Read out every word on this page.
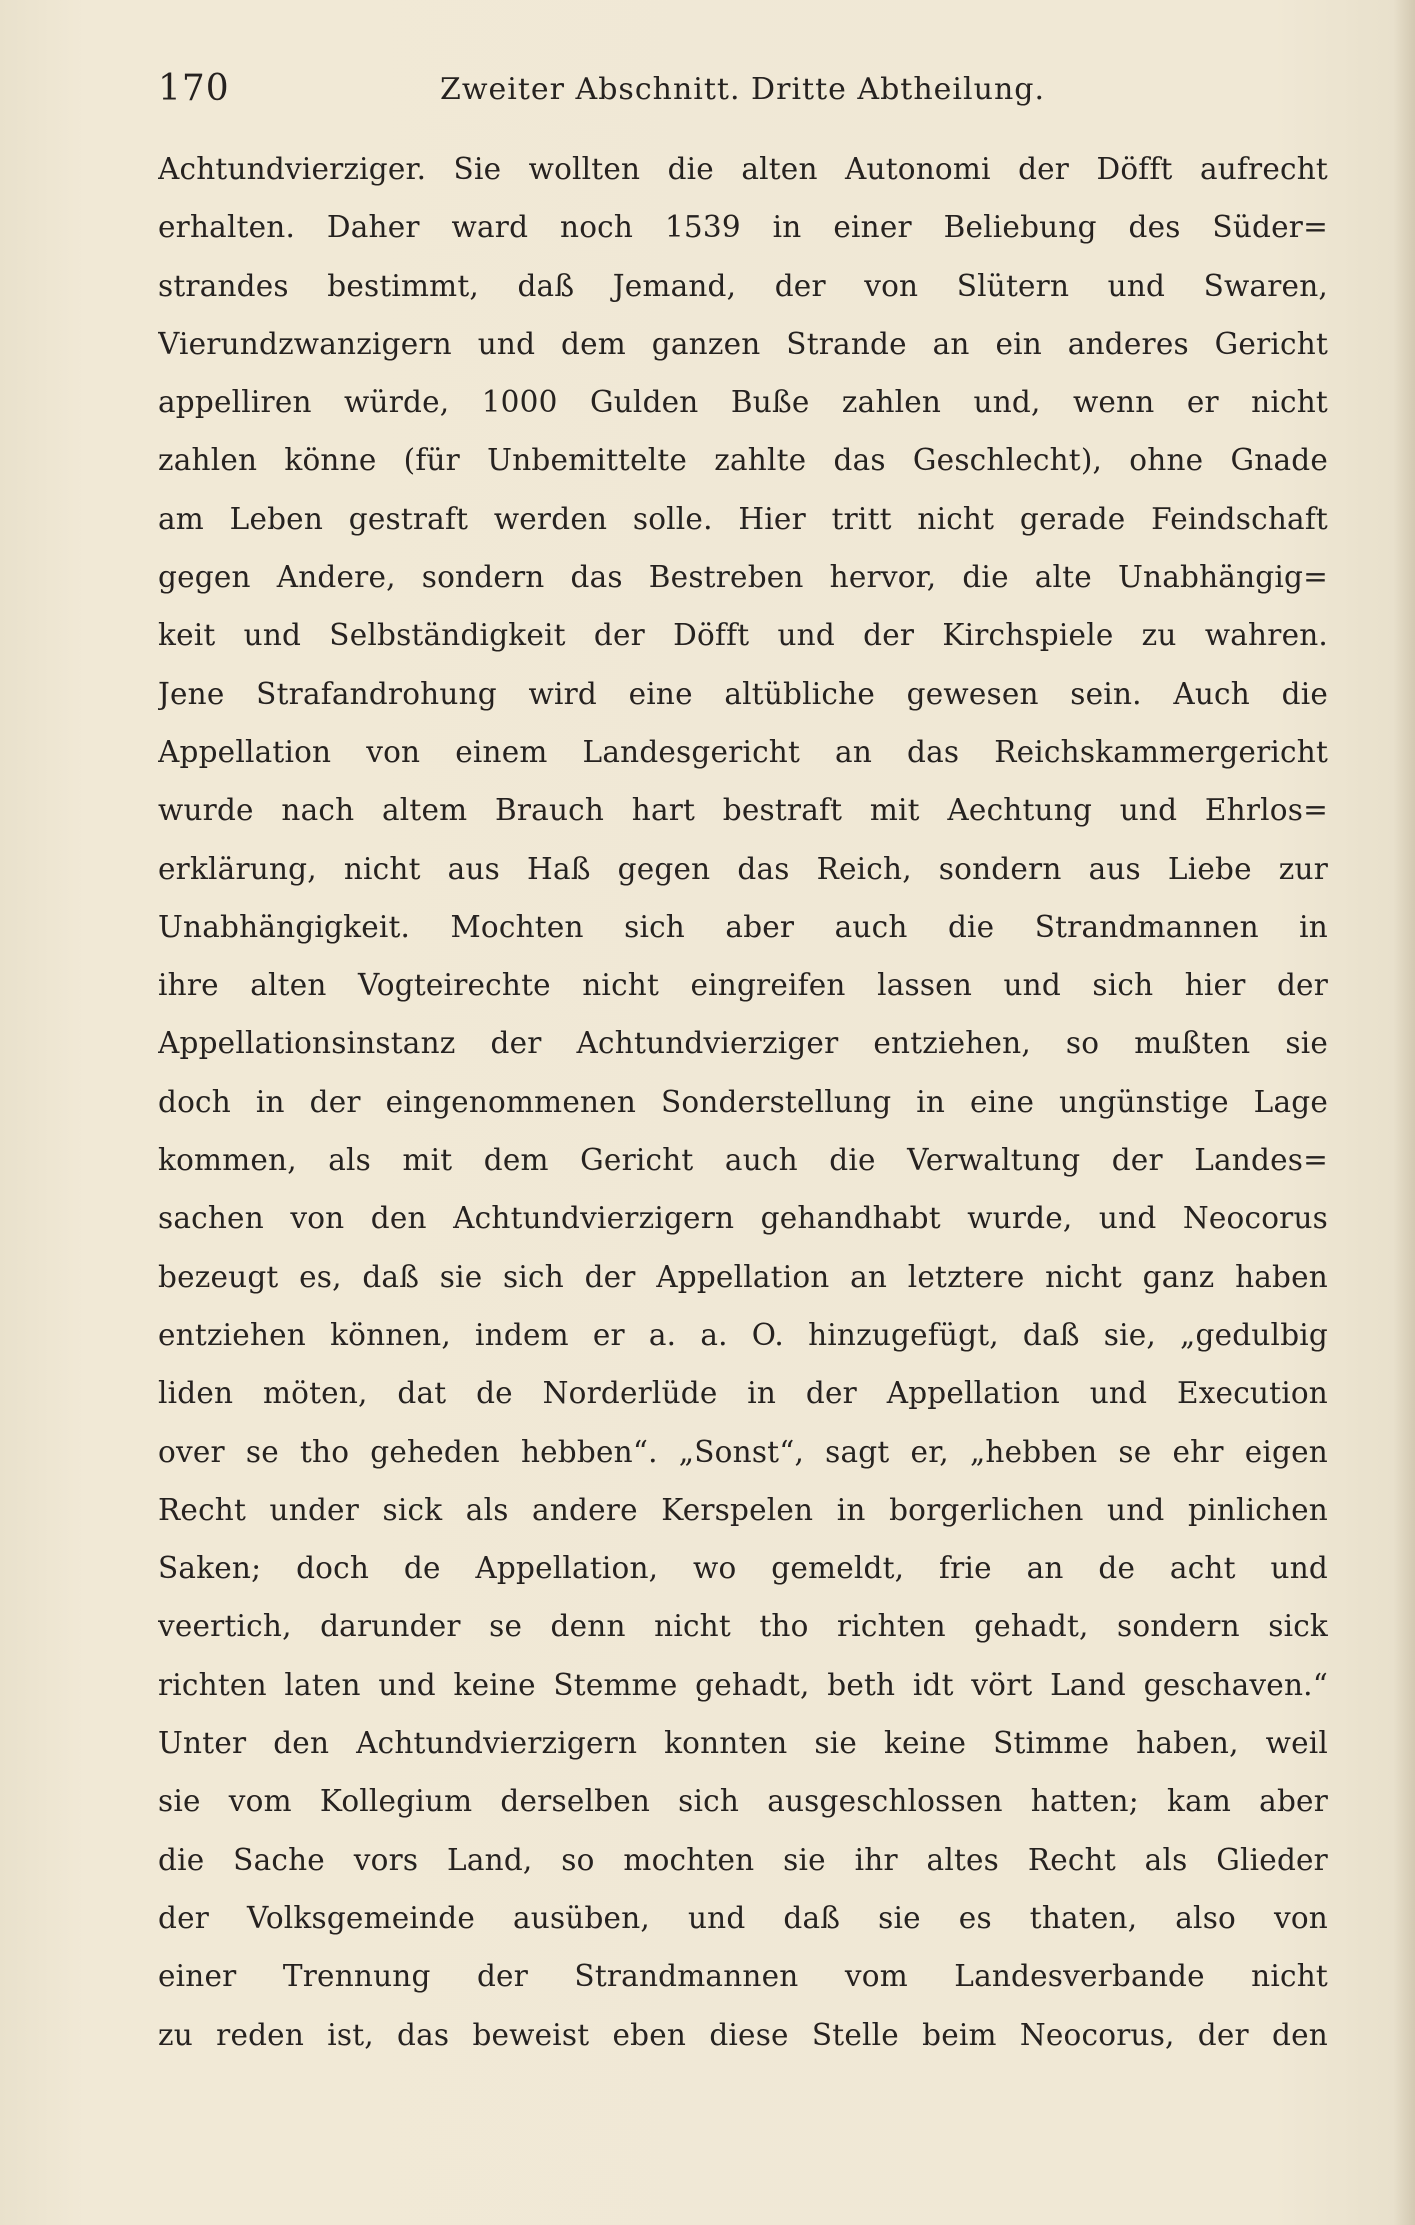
170	Zweiter Abschnitt. Dritte Abtheilung.
Achtundvierziger. Sie wollten die alten Autonomi der Döfft aufrecht
erhalten. Daher ward noch 1539 in einer Beliebung des Süder=
strandes bestimmt, daß Jemand, der von Slütern und Swaren,
Vierundzwanzigern und dem ganzen Strande an ein anderes Gericht
appelliren würde, 1000 Gulden Buße zahlen und, wenn er nicht
zahlen könne (für Unbemittelte zahlte das Geschlecht), ohne Gnade
am Leben gestraft werden solle. Hier tritt nicht gerade Feindschaft
gegen Andere, sondern das Bestreben hervor, die alte Unabhängig=
keit und Selbständigkeit der Döfft und der Kirchspiele zu wahren.
Jene Strafandrohung wird eine altübliche gewesen sein. Auch die
Appellation von einem Landesgericht an das Reichskammergericht
wurde nach altem Brauch hart bestraft mit Aechtung und Ehrlos=
erklärung, nicht aus Haß gegen das Reich, sondern aus Liebe zur
Unabhängigkeit. Mochten sich aber auch die Strandmannen in
ihre alten Vogteirechte nicht eingreifen lassen und sich hier der
Appellationsinstanz der Achtundvierziger entziehen, so mußten sie
doch in der eingenommenen Sonderstellung in eine ungünstige Lage
kommen, als mit dem Gericht auch die Verwaltung der Landes=
sachen von den Achtundvierzigern gehandhabt wurde, und Neocorus
bezeugt es, daß sie sich der Appellation an letztere nicht ganz haben
entziehen können, indem er a. a. O. hinzugefügt, daß sie, „gedulbig
liden möten, dat de Norderlüde in der Appellation und Execution
over se tho geheden hebben“. „Sonst“, sagt er, „hebben se ehr eigen
Recht under sick als andere Kerspelen in borgerlichen und pinlichen
Saken; doch de Appellation, wo gemeldt, frie an de acht und
veertich, darunder se denn nicht tho richten gehadt, sondern sick
richten laten und keine Stemme gehadt, beth idt vört Land geschaven.“
Unter den Achtundvierzigern konnten sie keine Stimme haben, weil
sie vom Kollegium derselben sich ausgeschlossen hatten; kam aber
die Sache vors Land, so mochten sie ihr altes Recht als Glieder
der Volksgemeinde ausüben, und daß sie es thaten, also von
einer Trennung der Strandmannen vom Landesverbande nicht
zu reden ist, das beweist eben diese Stelle beim Neocorus, der den
